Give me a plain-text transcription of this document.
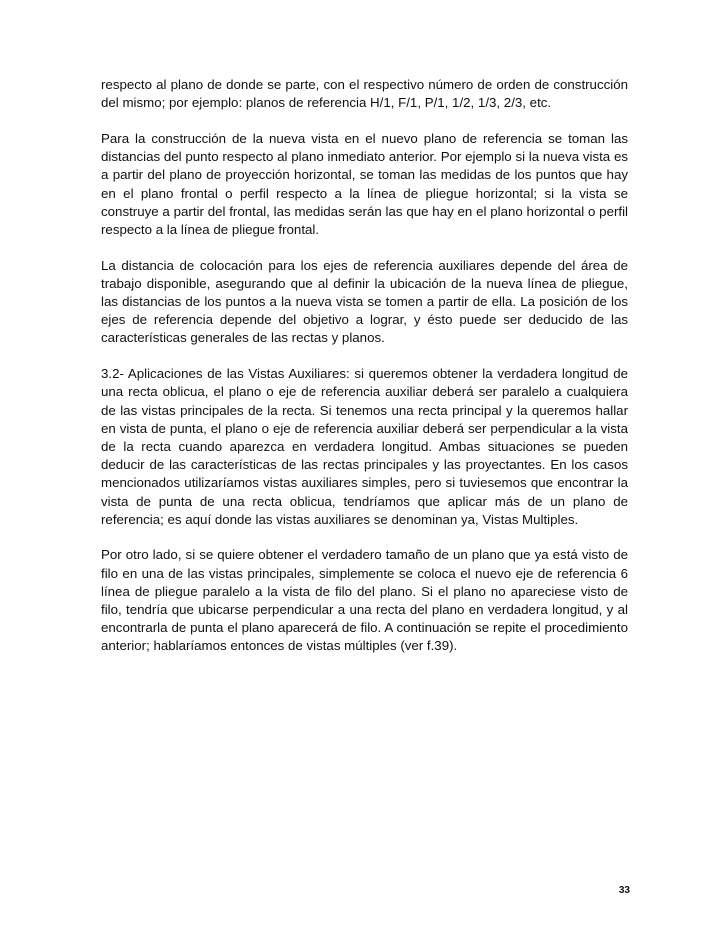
respecto al plano de donde se parte, con el respectivo número de orden de construcción del mismo; por ejemplo: planos de referencia H/1, F/1, P/1, 1/2, 1/3, 2/3, etc.

Para la construcción de la nueva vista en el nuevo plano de referencia se toman las distancias del punto respecto al plano inmediato anterior. Por ejemplo si la nueva vista es a partir del plano de proyección horizontal, se toman las medidas de los puntos que hay en el plano frontal o perfil respecto a la línea de pliegue horizontal; si la vista se construye a partir del frontal, las medidas serán las que hay en el plano horizontal o perfil respecto a la línea de pliegue frontal.

La distancia de colocación para los ejes de referencia auxiliares depende del área de trabajo disponible, asegurando que al definir la ubicación de la nueva línea de pliegue, las distancias de los puntos a la nueva vista se tomen a partir de ella. La posición de los ejes de referencia depende del objetivo a lograr, y ésto puede ser deducido de las características generales de las rectas y planos.

3.2- Aplicaciones de las Vistas Auxiliares: si queremos obtener la verdadera longitud de una recta oblicua, el plano o eje de referencia auxiliar deberá ser paralelo a cualquiera de las vistas principales de la recta. Si tenemos una recta principal y la queremos hallar en vista de punta, el plano o eje de referencia auxiliar deberá ser perpendicular a la vista de la recta cuando aparezca en verdadera longitud. Ambas situaciones se pueden deducir de las características de las rectas principales y las proyectantes. En los casos mencionados utilizaríamos vistas auxiliares simples, pero si tuviesemos que encontrar la vista de punta de una recta oblicua, tendríamos que aplicar más de un plano de referencia; es aquí donde las vistas auxiliares se denominan ya, Vistas Multiples.

Por otro lado, si se quiere obtener el verdadero tamaño de un plano que ya está visto de filo en una de las vistas principales, simplemente se coloca el nuevo eje de referencia 6 línea de pliegue paralelo a la vista de filo del plano. Si el plano no apareciese visto de filo, tendría que ubicarse perpendicular a una recta del plano en verdadera longitud, y al encontrarla de punta el plano aparecerá de filo. A continuación se repite el procedimiento anterior; hablaríamos entonces de vistas múltiples (ver f.39).

33
